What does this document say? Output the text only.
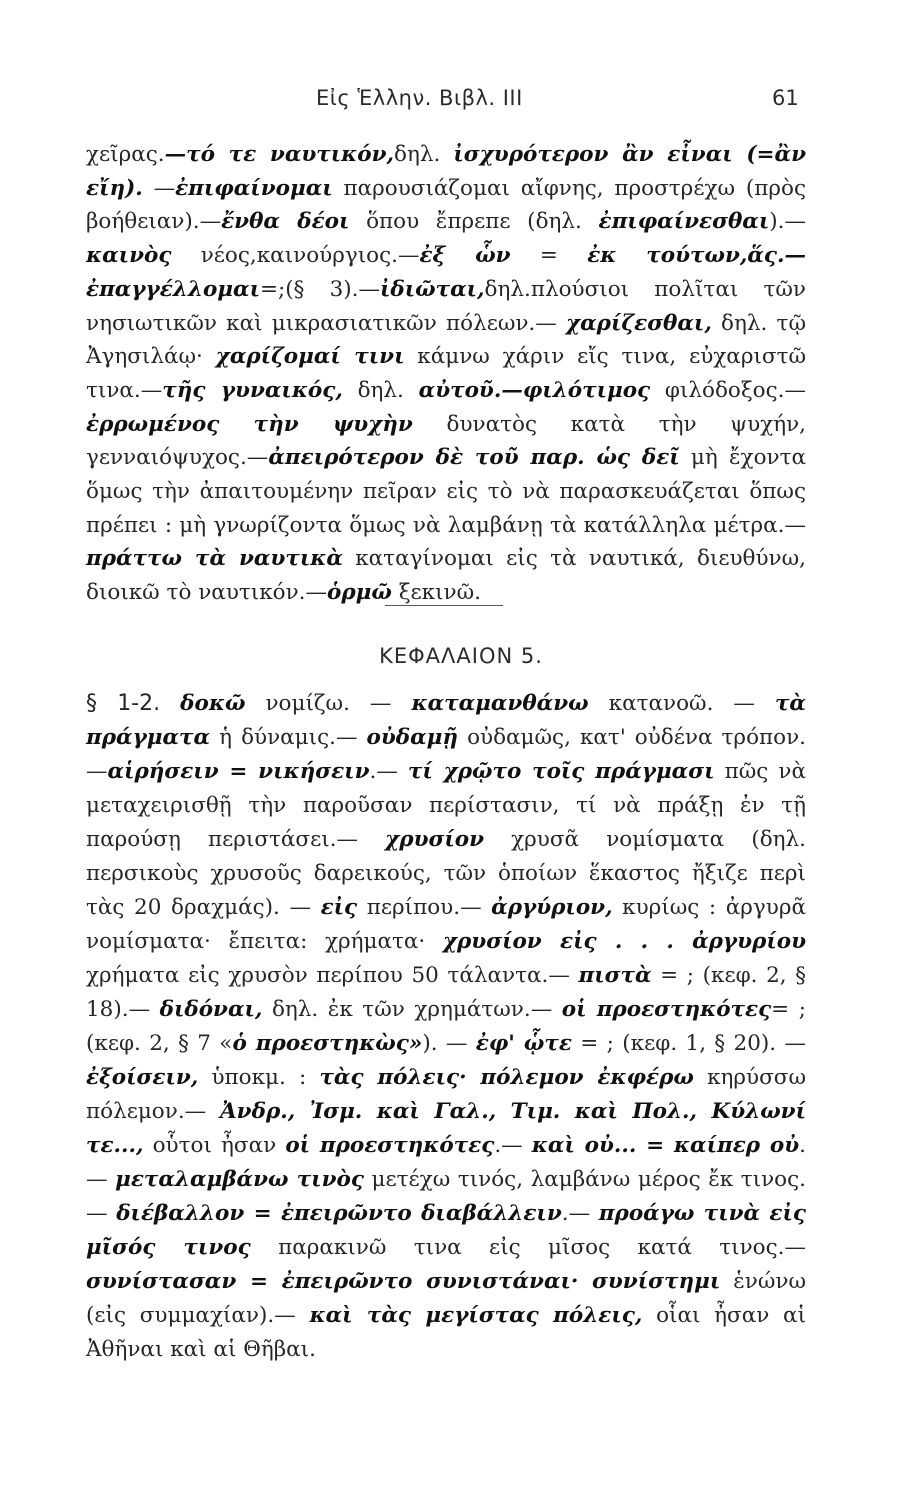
Εἰς Ἑλλην. Βιβλ. ΙΙΙ	61
χεῖρας.—τό τε ναυτικόν,δηλ. ἰσχυρότερον ἂν εἶναι (=ἂν εἴη). —ἐπιφαίνομαι παρουσιάζομαι αἴφνης, προστρέχω (πρὸς βοήθειαν).—ἔνθα δέοι ὅπου ἔπρεπε (δηλ. ἐπιφαίνεσθαι).— καινὸς νέος,καινούργιος.—ἐξ ὧν = ἐκ τούτων,ἅς.—ἐπαγγέλλομαι=;(§ 3).—ἰδιῶται,δηλ.πλούσιοι πολῖται τῶν νησιωτικῶν καὶ μικρασιατικῶν πόλεων.— χαρίζεσθαι, δηλ. τῷ Ἀγησιλάῳ· χαρίζομαί τινι κάμνω χάριν εἴς τινα, εὐχαριστῶ τινα.—τῆς γυναικός, δηλ. αὐτοῦ.—φιλότιμος φιλόδοξος.—ἐρρωμένος τὴν ψυχὴν δυνατὸς κατὰ τὴν ψυχήν, γενναιόψυχος.—ἀπειρότερον δὲ τοῦ παρ. ὡς δεῖ μὴ ἔχοντα ὅμως τὴν ἀπαιτουμένην πεῖραν εἰς τὸ νὰ παρασκευάζεται ὅπως πρέπει : μὴ γνωρίζοντα ὅμως νὰ λαμβάνῃ τὰ κατάλληλα μέτρα.— πράττω τὰ ναυτικὰ καταγίνομαι εἰς τὰ ναυτικά, διευθύνω, διοικῶ τὸ ναυτικόν.—ὁρμῶ ξεκινῶ.
ΚΕΦΑΛΑΙΟΝ 5.
§ 1-2. δοκῶ νομίζω. — καταμανθάνω κατανοῶ. — τὰ πράγματα ἡ δύναμις.— οὐδαμῇ οὐδαμῶς, κατ' οὐδένα τρόπον. —αἱρήσειν = νικήσειν.— τί χρῷτο τοῖς πράγμασι πῶς νὰ μεταχειρισθῇ τὴν παροῦσαν περίστασιν, τί νὰ πράξῃ ἐν τῇ παρούσῃ περιστάσει.— χρυσίον χρυσᾶ νομίσματα (δηλ. περσικοὺς χρυσοῦς δαρεικούς, τῶν ὁποίων ἕκαστος ἤξιζε περὶ τὰς 20 δραχμάς). — εἰς περίπου.— ἀργύριον, κυρίως : ἀργυρᾶ νομίσματα· ἔπειτα: χρήματα· χρυσίον εἰς . . . ἀργυρίου χρήματα εἰς χρυσὸν περίπου 50 τάλαντα.— πιστὰ = ; (κεφ. 2, § 18).— διδόναι, δηλ. ἐκ τῶν χρημάτων.— οἱ προεστηκότες= ; (κεφ. 2, § 7 «ὁ προεστηκὼς»). — ἐφ' ᾧτε = ; (κεφ. 1, § 20). — ἐξοίσειν, ὑποκμ. : τὰς πόλεις· πόλεμον ἐκφέρω κηρύσσω πόλεμον.— Ἀνδρ., Ἰσμ. καὶ Γαλ., Τιμ. καὶ Πολ., Κύλωνί τε..., οὗτοι ἦσαν οἱ προεστηκότες.— καὶ οὐ... = καίπερ οὐ.— μεταλαμβάνω τινὸς μετέχω τινός, λαμβάνω μέρος ἔκ τινος.— διέβαλλον = ἐπειρῶντο διαβάλλειν.— προάγω τινὰ εἰς μῖσός τινος παρακινῶ τινα εἰς μῖσος κατά τινος.— συνίστασαν = ἐπειρῶντο συνιστάναι· συνίστημι ἑνώνω (εἰς συμμαχίαν).— καὶ τὰς μεγίστας πόλεις, οἷαι ἦσαν αἱ Ἀθῆναι καὶ αἱ Θῆβαι.
